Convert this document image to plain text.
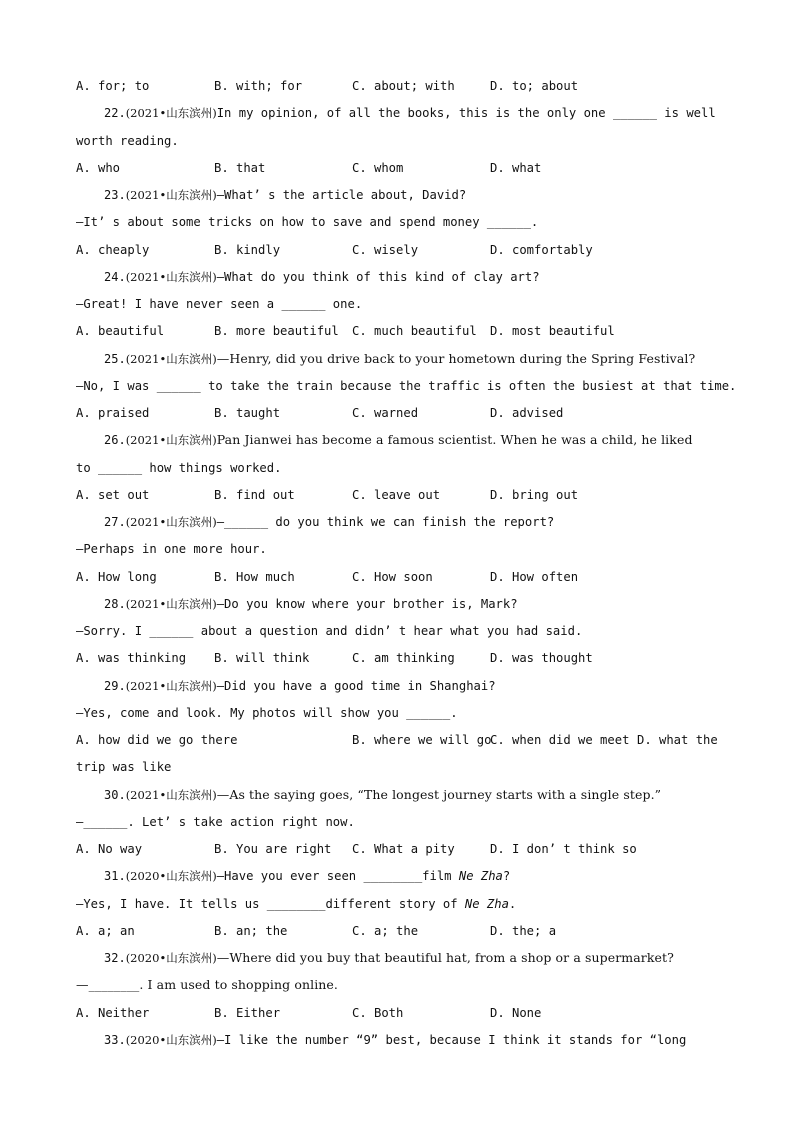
A. for; to	B. with; for	C. about; with	D. to; about
22.(2021•山东滨州)In my opinion, of all the books, this is the only one ______ is well
worth reading.
A. who	B. that	C. whom	D. what
23.(2021•山东滨州)—What’ s the article about, David?
—It’ s about some tricks on how to save and spend money ______.
A. cheaply	B. kindly	C. wisely	D. comfortably
24.(2021•山东滨州)—What do you think of this kind of clay art?
—Great! I have never seen a ______ one.
A. beautiful	B. more beautiful C. much beautiful D. most beautiful
25.(2021•山东滨州)—Henry, did you drive back to your hometown during the Spring Festival?
—No, I was ______ to take the train because the traffic is often the busiest at that time.
A. praised	B. taught	C. warned	D. advised
26.(2021•山东滨州)Pan Jianwei has become a famous scientist. When he was a child, he liked
to ______ how things worked.
A. set out	B. find out	C. leave out	D. bring out
27.(2021•山东滨州)—______ do you think we can finish the report?
—Perhaps in one more hour.
A. How long	B. How much	C. How soon	D. How often
28.(2021•山东滨州)—Do you know where your brother is, Mark?
—Sorry. I ______ about a question and didn’ t hear what you had said.
A. was thinking B. will think	C. am thinking	D. was thought
29.(2021•山东滨州)—Did you have a good time in Shanghai?
—Yes, come and look. My photos will show you ______.
A. how did we go there	B. where we will go
C. when did we meet D. what the
trip was like
30.(2021•山东滨州)—As the saying goes, “The longest journey starts with a single step.”
—______. Let’ s take action right now.
A. No way	B. You are right C. What a pity	D. I don’ t think so
31.(2020•山东滨州)—Have you ever seen ________film Ne Zha?
—Yes, I have. It tells us ________different story of Ne Zha.
A. a; an	B. an; the	C. a; the	D. the; a
32.(2020•山东滨州)—Where did you buy that beautiful hat, from a shop or a supermarket?
—________. I am used to shopping online.
A. Neither	B. Either	C. Both	D. None
33.(2020•山东滨州)—I like the number “9” best, because I think it stands for “long
